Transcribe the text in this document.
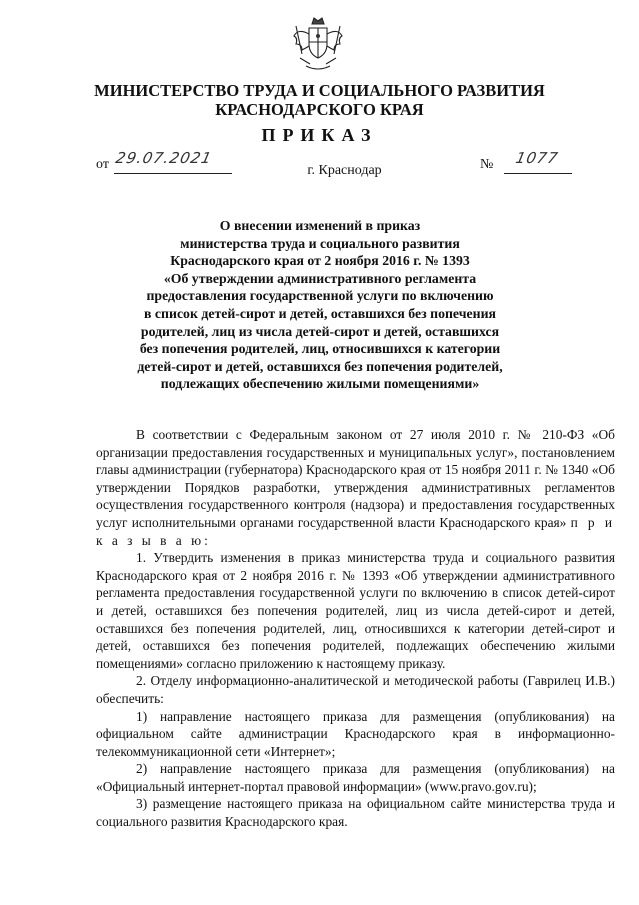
МИНИСТЕРСТВО ТРУДА И СОЦИАЛЬНОГО РАЗВИТИЯ
КРАСНОДАРСКОГО КРАЯ
ПРИКАЗ
от 29.07.2021
г. Краснодар	№ 1077
О внесении изменений в приказ
министерства труда и социального развития
Краснодарского края от 2 ноября 2016 г. № 1393
«Об утверждении административного регламента
предоставления государственной услуги по включению
в список детей-сирот и детей, оставшихся без попечения
родителей, лиц из числа детей-сирот и детей, оставшихся
без попечения родителей, лиц, относившихся к категории
детей-сирот и детей, оставшихся без попечения родителей,
подлежащих обеспечению жилыми помещениями»

В соответствии с Федеральным законом от 27 июля 2010 г. № 210-ФЗ «Об организации предоставления государственных и муниципальных услуг», постановлением главы администрации (губернатора) Краснодарского края от 15 ноября 2011 г. № 1340 «Об утверждении Порядков разработки, утверждения административных регламентов осуществления государственного контроля (надзора) и предоставления государственных услуг исполнительными органами государственной власти Краснодарского края» п р и к а з ы в а ю:

1. Утвердить изменения в приказ министерства труда и социального развития Краснодарского края от 2 ноября 2016 г. № 1393 «Об утверждении административного регламента предоставления государственной услуги по включению в список детей-сирот и детей, оставшихся без попечения родителей, лиц из числа детей-сирот и детей, оставшихся без попечения родителей, лиц, относившихся к категории детей-сирот и детей, оставшихся без попечения родителей, подлежащих обеспечению жилыми помещениями» согласно приложению к настоящему приказу.

2. Отделу информационно-аналитической и методической работы (Гаврилец И.В.) обеспечить:

1) направление настоящего приказа для размещения (опубликования) на официальном сайте администрации Краснодарского края в информационно-телекоммуникационной сети «Интернет»;

2) направление настоящего приказа для размещения (опубликования) на «Официальный интернет-портал правовой информации» (www.pravo.gov.ru);

3) размещение настоящего приказа на официальном сайте министерства труда и социального развития Краснодарского края.
